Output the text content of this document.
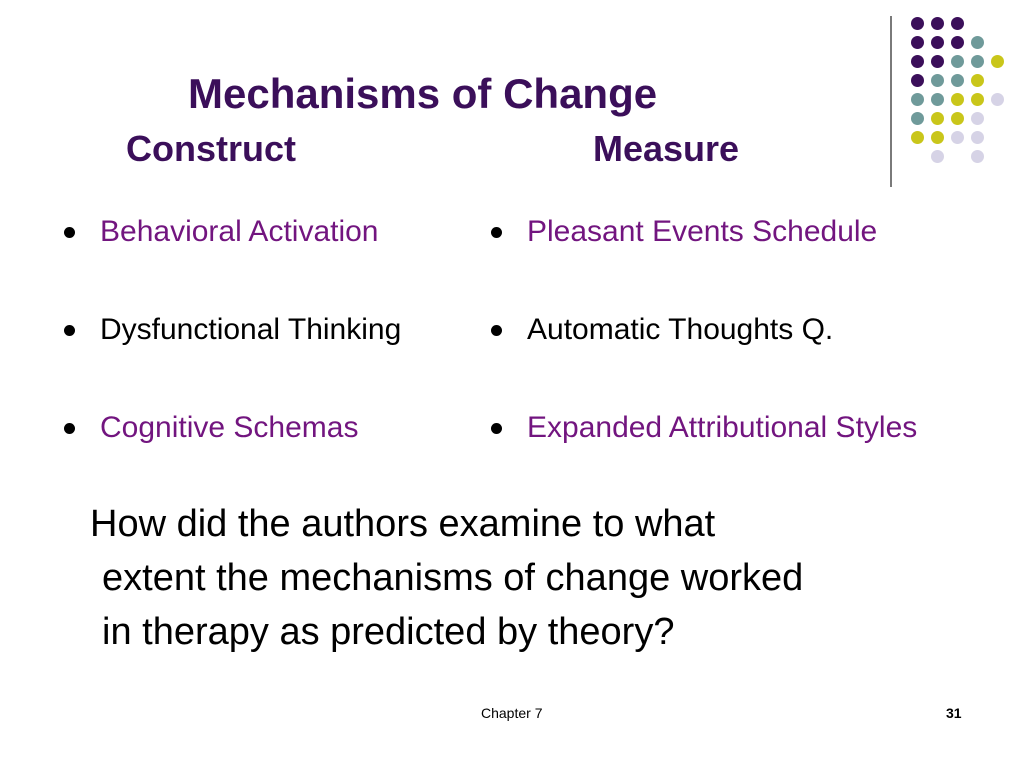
Mechanisms of Change
Construct	Measure
Behavioral Activation
Dysfunctional Thinking
Cognitive Schemas
Pleasant Events Schedule
Automatic Thoughts Q.
Expanded Attributional Styles
How did the authors examine to what
extent the mechanisms of change worked
in therapy as predicted by theory?
Chapter 7	31
